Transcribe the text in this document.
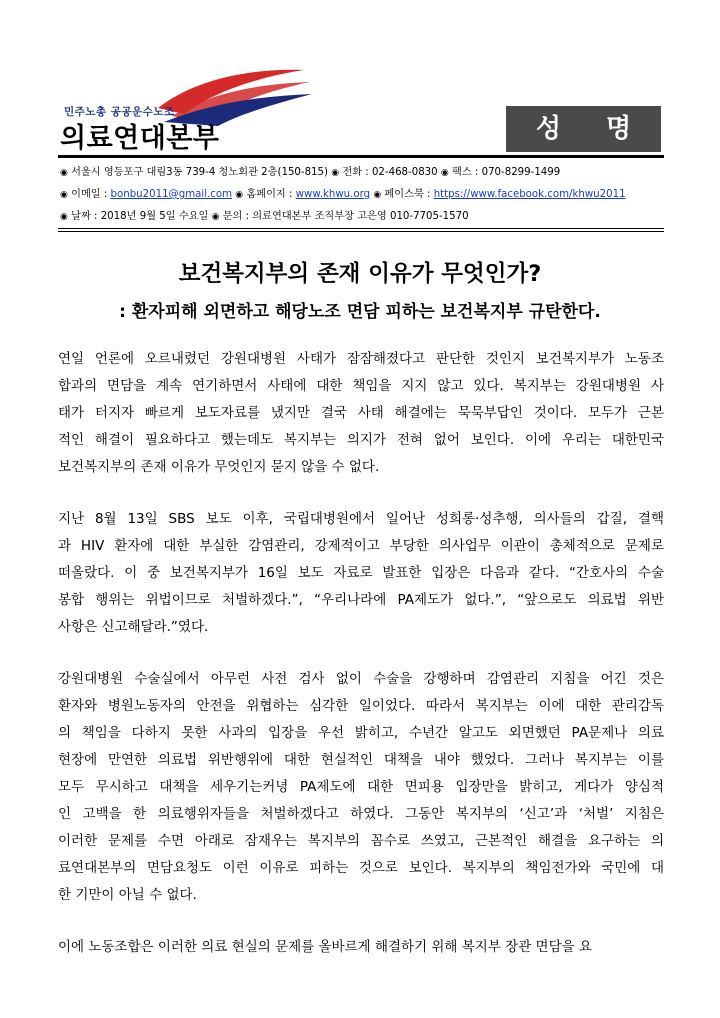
민주노총 공공운수노조
의료연대본부	성 명
◉ 서울시 영등포구 대림3동 739-4 청노회관 2층(150-815) ◉ 전화 : 02-468-0830 ◉ 팩스 : 070-8299-1499
◉ 이메일 : bonbu2011@gmail.com ◉ 홈페이지 : www.khwu.org ◉ 페이스북 : https://www.facebook.com/khwu2011
◉ 날짜 : 2018년 9월 5일 수요일 ◉ 문의 : 의료연대본부 조직부장 고은영 010-7705-1570
보건복지부의 존재 이유가 무엇인가?
: 환자피해 외면하고 해당노조 면담 피하는 보건복지부 규탄한다.
연일 언론에 오르내렸던 강원대병원 사태가 잠잠해졌다고 판단한 것인지 보건복지부가 노동조
합과의 면담을 계속 연기하면서 사태에 대한 책임을 지지 않고 있다. 복지부는 강원대병원 사
태가 터지자 빠르게 보도자료를 냈지만 결국 사태 해결에는 묵묵부답인 것이다. 모두가 근본
적인 해결이 필요하다고 했는데도 복지부는 의지가 전혀 없어 보인다. 이에 우리는 대한민국
보건복지부의 존재 이유가 무엇인지 묻지 않을 수 없다.
지난 8월 13일 SBS 보도 이후, 국립대병원에서 일어난 성희롱·성추행, 의사들의 갑질, 결핵
과 HIV 환자에 대한 부실한 감염관리, 강제적이고 부당한 의사업무 이관이 총체적으로 문제로
떠올랐다. 이 중 보건복지부가 16일 보도 자료로 발표한 입장은 다음과 같다. “간호사의 수술
봉합 행위는 위법이므로 처벌하겠다.”, “우리나라에 PA제도가 없다.”, “앞으로도 의료법 위반
사항은 신고해달라.”였다.
강원대병원 수술실에서 아무런 사전 검사 없이 수술을 강행하며 감염관리 지침을 어긴 것은
환자와 병원노동자의 안전을 위협하는 심각한 일이었다. 따라서 복지부는 이에 대한 관리감독
의 책임을 다하지 못한 사과의 입장을 우선 밝히고, 수년간 알고도 외면했던 PA문제나 의료
현장에 만연한 의료법 위반행위에 대한 현실적인 대책을 내야 했었다. 그러나 복지부는 이를
모두 무시하고 대책을 세우기는커녕 PA제도에 대한 면피용 입장만을 밝히고, 게다가 양심적
인 고백을 한 의료행위자들을 처벌하겠다고 하였다. 그동안 복지부의 ‘신고’과 ‘처벌’ 지침은
이러한 문제를 수면 아래로 잠재우는 복지부의 꼼수로 쓰였고, 근본적인 해결을 요구하는 의
료연대본부의 면담요청도 이런 이유로 피하는 것으로 보인다. 복지부의 책임전가와 국민에 대
한 기만이 아닐 수 없다.
이에 노동조합은 이러한 의료 현실의 문제를 올바르게 해결하기 위해 복지부 장관 면담을 요
